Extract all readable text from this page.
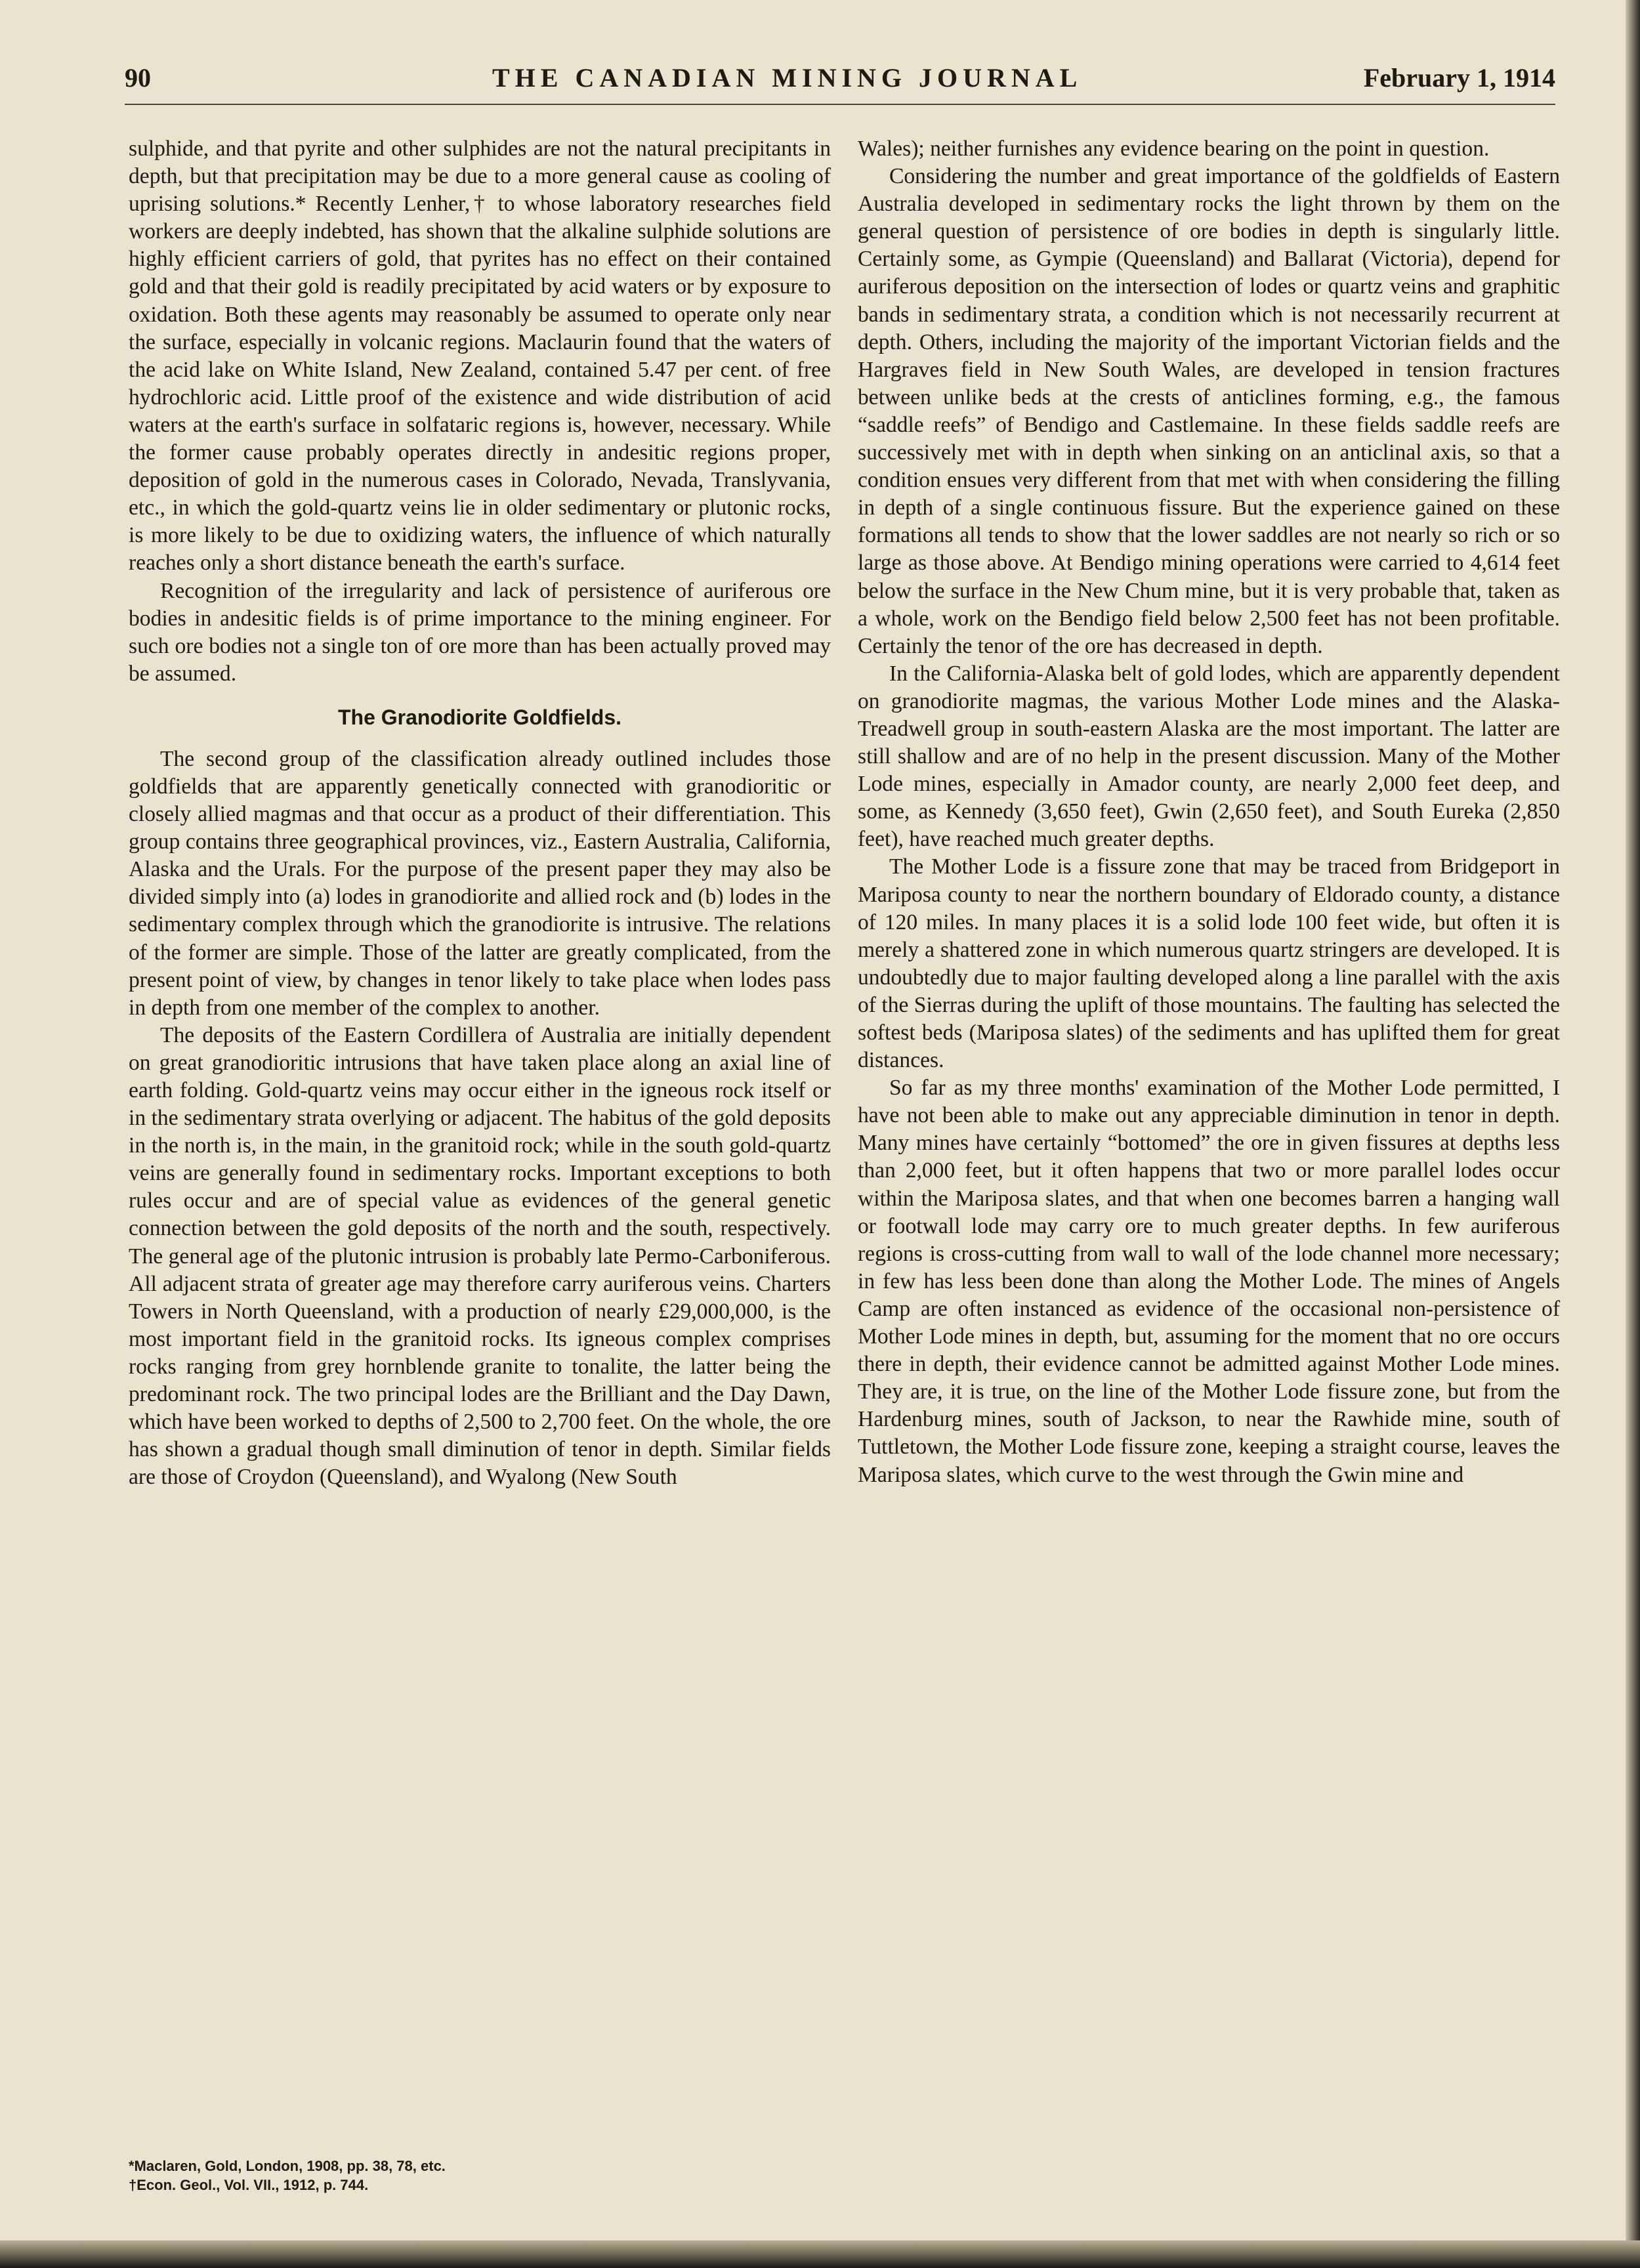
90	THE CANADIAN MINING JOURNAL	February 1, 1914

sulphide, and that pyrite and other sulphides are not the natural precipitants in depth, but that precipitation may be due to a more general cause as cooling of uprising solutions.* Recently Lenher,† to whose laboratory researches field workers are deeply indebted, has shown that the alkaline sulphide solutions are highly efficient carriers of gold, that pyrites has no effect on their contained gold and that their gold is readily precipitated by acid waters or by exposure to oxidation. Both these agents may reasonably be assumed to operate only near the surface, especially in volcanic regions. Maclaurin found that the waters of the acid lake on White Island, New Zealand, contained 5.47 per cent. of free hydrochloric acid. Little proof of the existence and wide distribution of acid waters at the earth's surface in solfataric regions is, however, necessary. While the former cause probably operates directly in andesitic regions proper, deposition of gold in the numerous cases in Colorado, Nevada, Translyvania, etc., in which the gold-quartz veins lie in older sedimentary or plutonic rocks, is more likely to be due to oxidizing waters, the influence of which naturally reaches only a short distance beneath the earth's surface.

Recognition of the irregularity and lack of persistence of auriferous ore bodies in andesitic fields is of prime importance to the mining engineer. For such ore bodies not a single ton of ore more than has been actually proved may be assumed.

The Granodiorite Goldfields.

The second group of the classification already outlined includes those goldfields that are apparently genetically connected with granodioritic or closely allied magmas and that occur as a product of their differentiation. This group contains three geographical provinces, viz., Eastern Australia, California, Alaska and the Urals. For the purpose of the present paper they may also be divided simply into (a) lodes in granodiorite and allied rock and (b) lodes in the sedimentary complex through which the granodiorite is intrusive. The relations of the former are simple. Those of the latter are greatly complicated, from the present point of view, by changes in tenor likely to take place when lodes pass in depth from one member of the complex to another.

The deposits of the Eastern Cordillera of Australia are initially dependent on great granodioritic intrusions that have taken place along an axial line of earth folding. Gold-quartz veins may occur either in the igneous rock itself or in the sedimentary strata overlying or adjacent. The habitus of the gold deposits in the north is, in the main, in the granitoid rock; while in the south gold-quartz veins are generally found in sedimentary rocks. Important exceptions to both rules occur and are of special value as evidences of the general genetic connection between the gold deposits of the north and the south, respectively. The general age of the plutonic intrusion is probably late Permo-Carboniferous. All adjacent strata of greater age may therefore carry auriferous veins. Charters Towers in North Queensland, with a production of nearly £29,000,000, is the most important field in the granitoid rocks. Its igneous complex comprises rocks ranging from grey hornblende granite to tonalite, the latter being the predominant rock. The two principal lodes are the Brilliant and the Day Dawn, which have been worked to depths of 2,500 to 2,700 feet. On the whole, the ore has shown a gradual though small diminution of tenor in depth. Similar fields are those of Croydon (Queensland), and Wyalong (New South

Wales); neither furnishes any evidence bearing on the point in question.

Considering the number and great importance of the goldfields of Eastern Australia developed in sedimentary rocks the light thrown by them on the general question of persistence of ore bodies in depth is singularly little. Certainly some, as Gympie (Queensland) and Ballarat (Victoria), depend for auriferous deposition on the intersection of lodes or quartz veins and graphitic bands in sedimentary strata, a condition which is not necessarily recurrent at depth. Others, including the majority of the important Victorian fields and the Hargraves field in New South Wales, are developed in tension fractures between unlike beds at the crests of anticlines forming, e.g., the famous “saddle reefs” of Bendigo and Castlemaine. In these fields saddle reefs are successively met with in depth when sinking on an anticlinal axis, so that a condition ensues very different from that met with when considering the filling in depth of a single continuous fissure. But the experience gained on these formations all tends to show that the lower saddles are not nearly so rich or so large as those above. At Bendigo mining operations were carried to 4,614 feet below the surface in the New Chum mine, but it is very probable that, taken as a whole, work on the Bendigo field below 2,500 feet has not been profitable. Certainly the tenor of the ore has decreased in depth.

In the California-Alaska belt of gold lodes, which are apparently dependent on granodiorite magmas, the various Mother Lode mines and the Alaska-Treadwell group in south-eastern Alaska are the most important. The latter are still shallow and are of no help in the present discussion. Many of the Mother Lode mines, especially in Amador county, are nearly 2,000 feet deep, and some, as Kennedy (3,650 feet), Gwin (2,650 feet), and South Eureka (2,850 feet), have reached much greater depths.

The Mother Lode is a fissure zone that may be traced from Bridgeport in Mariposa county to near the northern boundary of Eldorado county, a distance of 120 miles. In many places it is a solid lode 100 feet wide, but often it is merely a shattered zone in which numerous quartz stringers are developed. It is undoubtedly due to major faulting developed along a line parallel with the axis of the Sierras during the uplift of those mountains. The faulting has selected the softest beds (Mariposa slates) of the sediments and has uplifted them for great distances.

So far as my three months' examination of the Mother Lode permitted, I have not been able to make out any appreciable diminution in tenor in depth. Many mines have certainly “bottomed” the ore in given fissures at depths less than 2,000 feet, but it often happens that two or more parallel lodes occur within the Mariposa slates, and that when one becomes barren a hanging wall or footwall lode may carry ore to much greater depths. In few auriferous regions is cross-cutting from wall to wall of the lode channel more necessary; in few has less been done than along the Mother Lode. The mines of Angels Camp are often instanced as evidence of the occasional non-persistence of Mother Lode mines in depth, but, assuming for the moment that no ore occurs there in depth, their evidence cannot be admitted against Mother Lode mines. They are, it is true, on the line of the Mother Lode fissure zone, but from the Hardenburg mines, south of Jackson, to near the Rawhide mine, south of Tuttletown, the Mother Lode fissure zone, keeping a straight course, leaves the Mariposa slates, which curve to the west through the Gwin mine and

*Maclaren, Gold, London, 1908, pp. 38, 78, etc.
†Econ. Geol., Vol. VII., 1912, p. 744.
